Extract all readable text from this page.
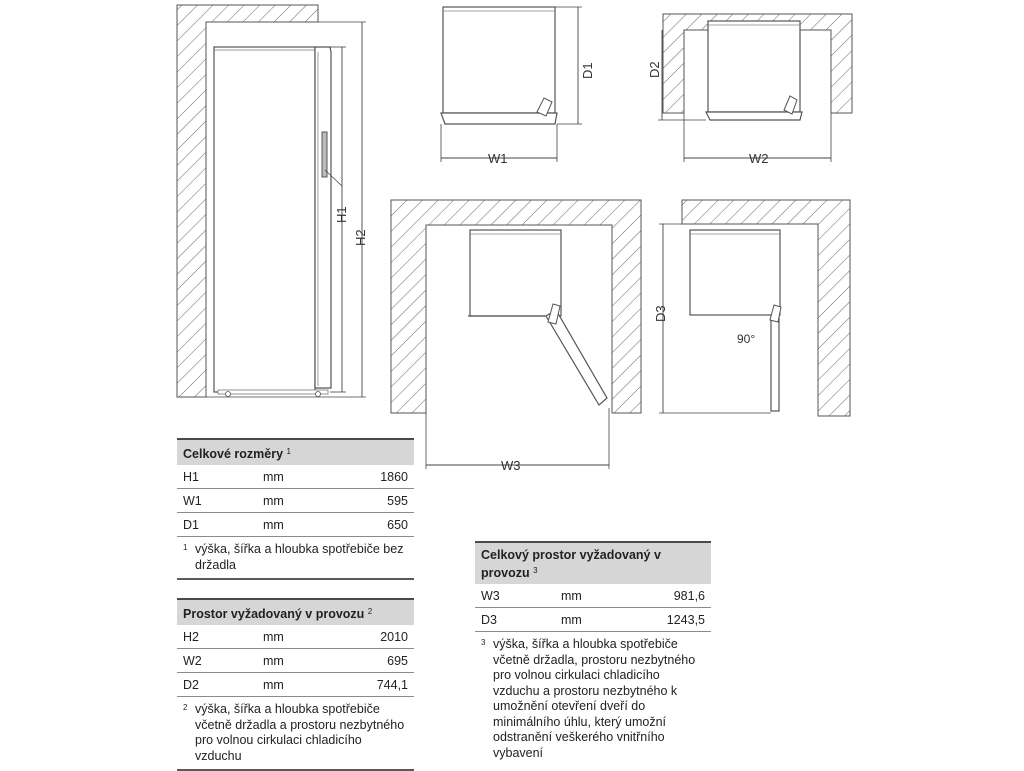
H1
H2
D1
W1
D2
W2
W3
D3
90°
Celkové rozměry $^1$
H1	mm	1860
W1	mm	595
D1	mm	650
1 výška, šířka a hloubka spotřebiče bez držadla
Prostor vyžadovaný v provozu $^2$
H2	mm	2010
W2	mm	695
D2	mm	744,1
2 výška, šířka a hloubka spotřebiče včetně držadla a prostoru nezbytného pro volnou cirkulaci chladicího vzduchu
Celkový prostor vyžadovaný v provozu $^3$
W3	mm	981,6
D3	mm	1243,5
3 výška, šířka a hloubka spotřebiče včetně držadla, prostoru nezbytného pro volnou cirkulaci chladicího vzduchu a prostoru nezbytného k umožnění otevření dveří do minimálního úhlu, který umožní odstranění veškerého vnitřního vybavení
